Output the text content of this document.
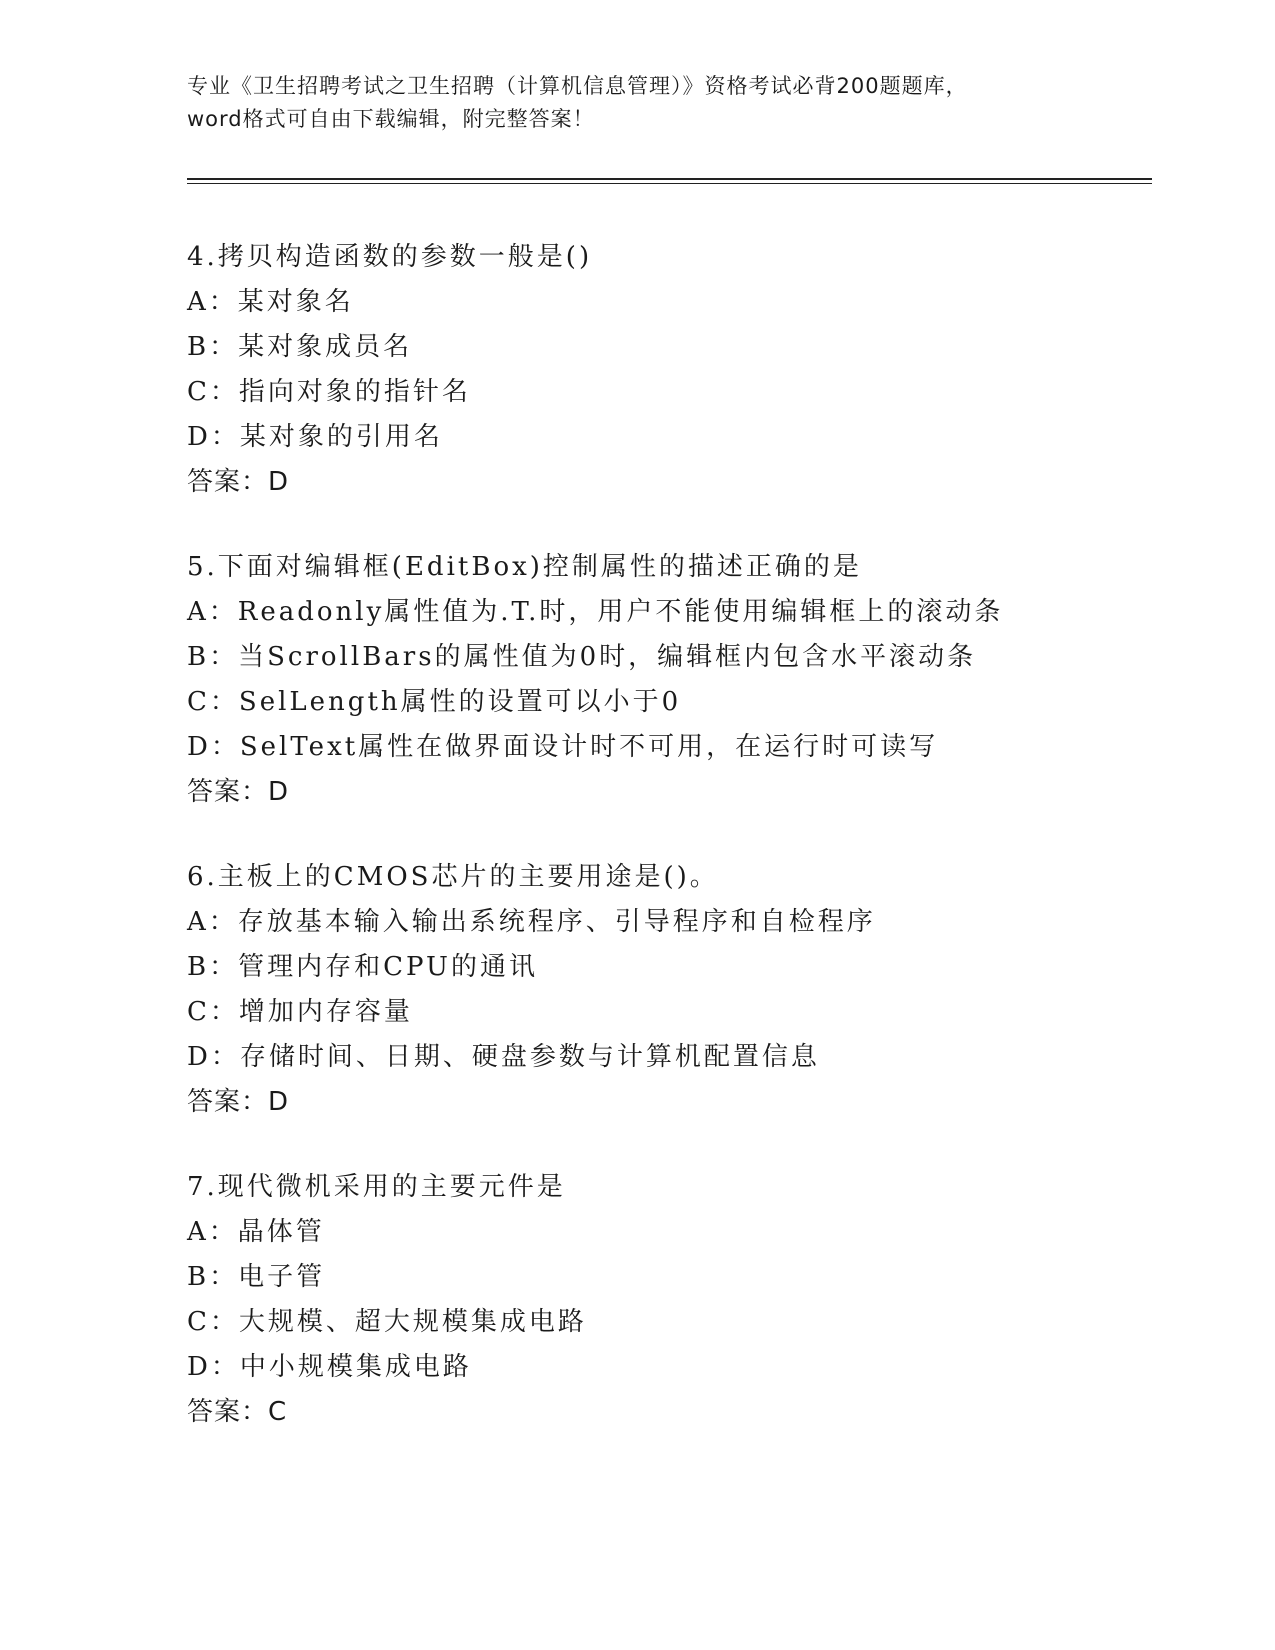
专业《卫生招聘考试之卫生招聘（计算机信息管理）》资格考试必背200题题库，
word格式可自由下载编辑，附完整答案！
4.拷贝构造函数的参数一般是()
A：某对象名
B：某对象成员名
C：指向对象的指针名
D：某对象的引用名
答案：D
5.下面对编辑框(EditBox)控制属性的描述正确的是
A：Readonly属性值为.T.时，用户不能使用编辑框上的滚动条
B：当ScrollBars的属性值为0时，编辑框内包含水平滚动条
C：SelLength属性的设置可以小于0
D：SelText属性在做界面设计时不可用，在运行时可读写
答案：D
6.主板上的CMOS芯片的主要用途是()。
A：存放基本输入输出系统程序、引导程序和自检程序
B：管理内存和CPU的通讯
C：增加内存容量
D：存储时间、日期、硬盘参数与计算机配置信息
答案：D
7.现代微机采用的主要元件是
A：晶体管
B：电子管
C：大规模、超大规模集成电路
D：中小规模集成电路
答案：C
